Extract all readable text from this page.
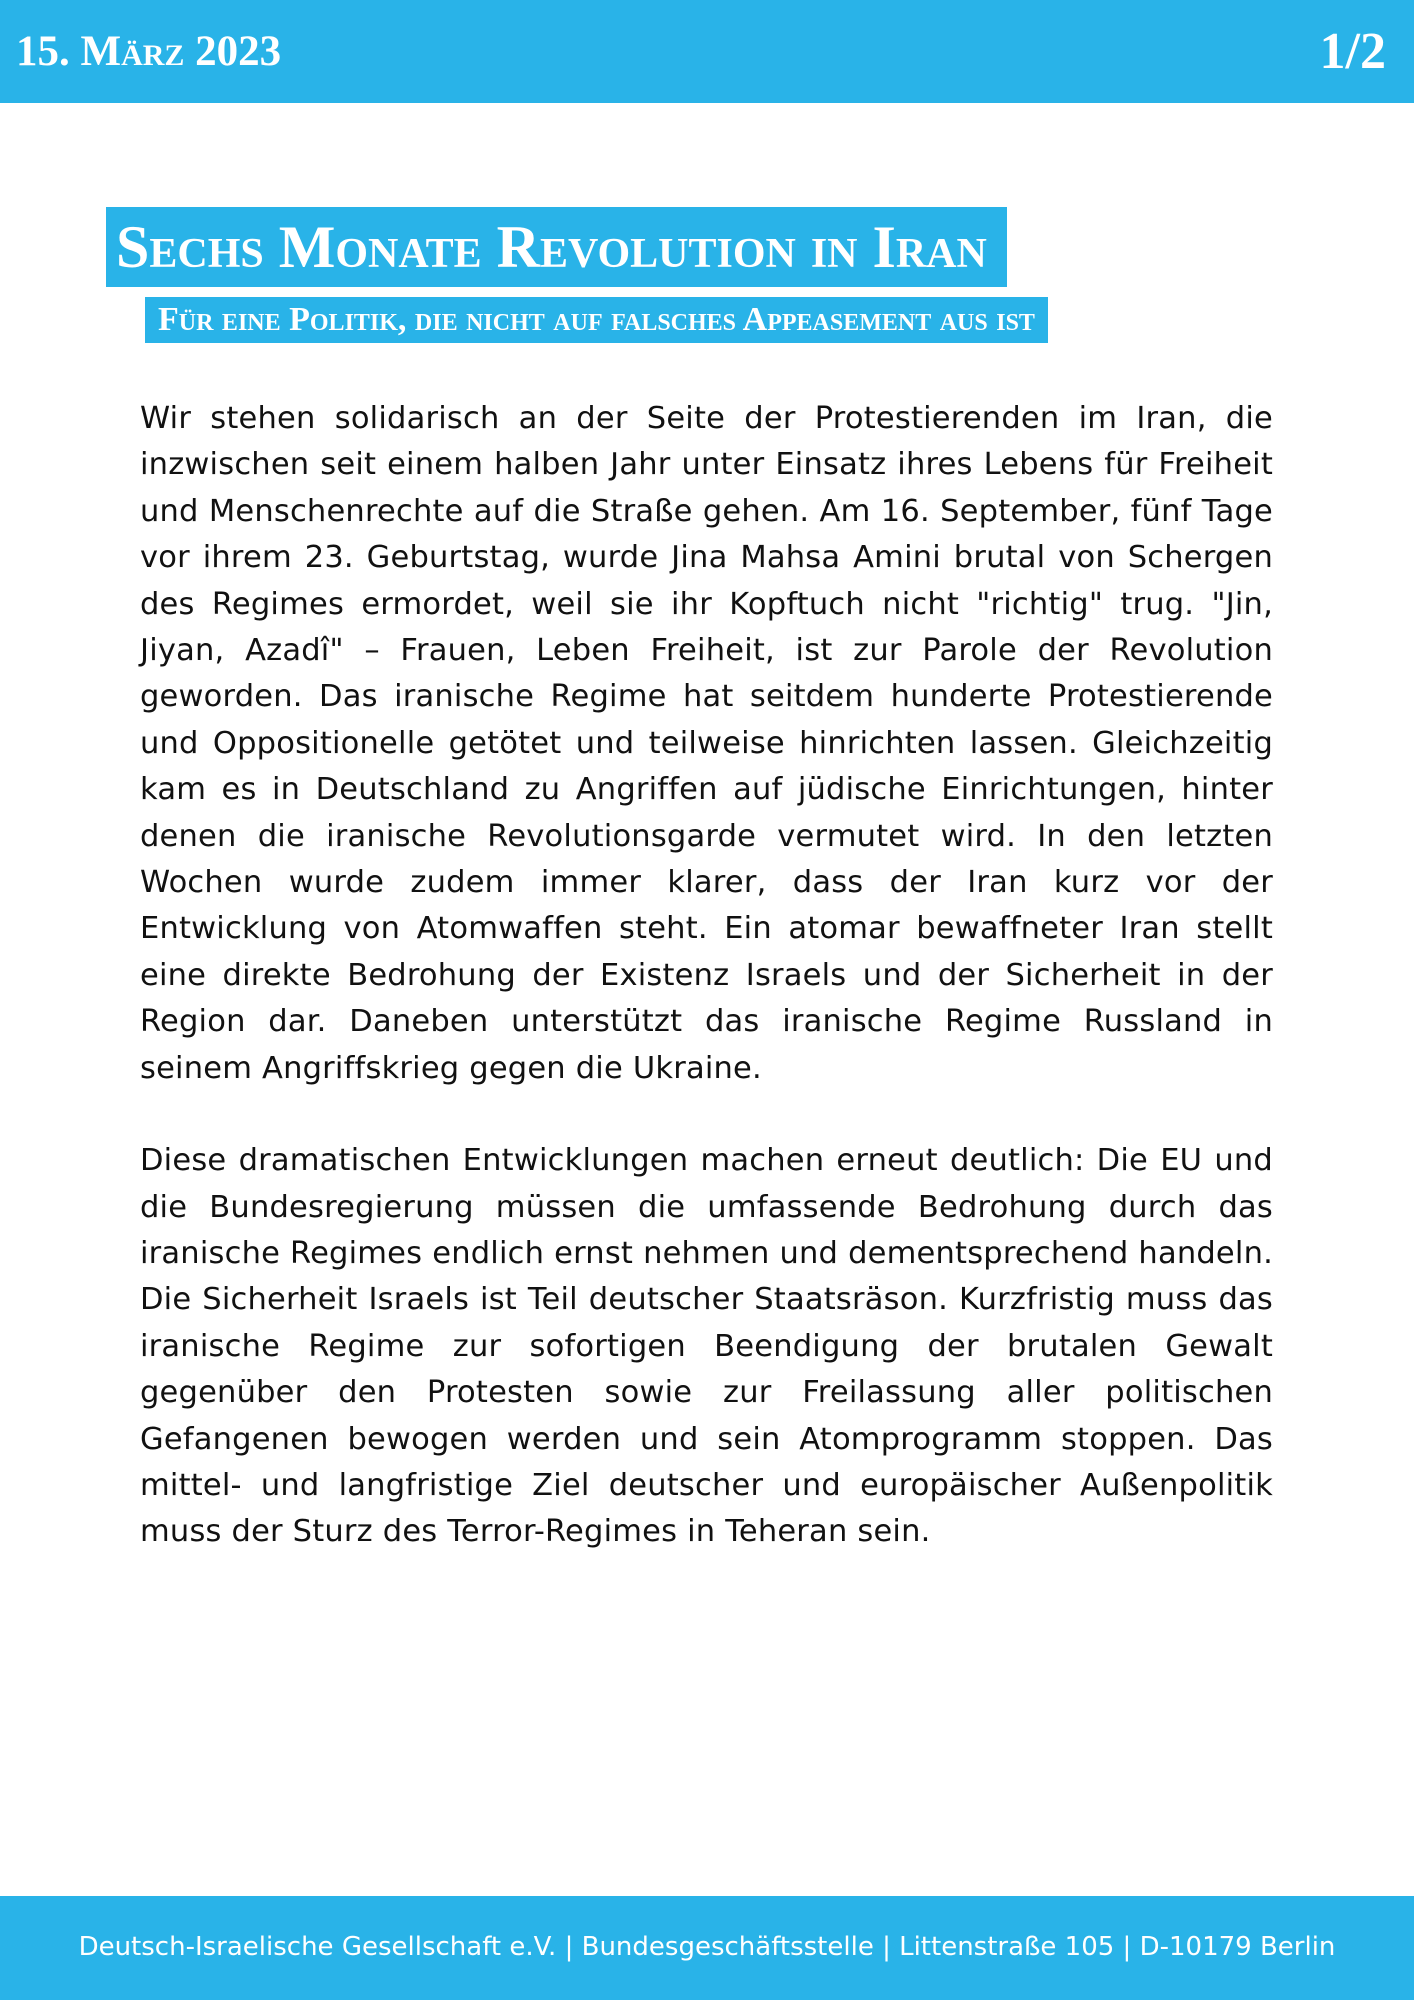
15. März 2023	1/2
Sechs Monate Revolution in Iran
Für eine Politik, die nicht auf falsches Appeasement aus ist

Wir stehen solidarisch an der Seite der Protestierenden im Iran, die inzwischen seit einem halben Jahr unter Einsatz ihres Lebens für Freiheit und Menschenrechte auf die Straße gehen. Am 16. September, fünf Tage vor ihrem 23. Geburtstag, wurde Jina Mahsa Amini brutal von Schergen des Regimes ermordet, weil sie ihr Kopftuch nicht "richtig" trug. "Jin, Jiyan, Azadî" – Frauen, Leben Freiheit, ist zur Parole der Revolution geworden. Das iranische Regime hat seitdem hunderte Protestierende und Oppositionelle getötet und teilweise hinrichten lassen. Gleichzeitig kam es in Deutschland zu Angriffen auf jüdische Einrichtungen, hinter denen die iranische Revolutionsgarde vermutet wird. In den letzten Wochen wurde zudem immer klarer, dass der Iran kurz vor der Entwicklung von Atomwaffen steht. Ein atomar bewaffneter Iran stellt eine direkte Bedrohung der Existenz Israels und der Sicherheit in der Region dar. Daneben unterstützt das iranische Regime Russland in seinem Angriffskrieg gegen die Ukraine.

Diese dramatischen Entwicklungen machen erneut deutlich: Die EU und die Bundesregierung müssen die umfassende Bedrohung durch das iranische Regimes endlich ernst nehmen und dementsprechend handeln. Die Sicherheit Israels ist Teil deutscher Staatsräson. Kurzfristig muss das iranische Regime zur sofortigen Beendigung der brutalen Gewalt gegenüber den Protesten sowie zur Freilassung aller politischen Gefangenen bewogen werden und sein Atomprogramm stoppen. Das mittel- und langfristige Ziel deutscher und europäischer Außenpolitik muss der Sturz des Terror-Regimes in Teheran sein.

Deutsch-Israelische Gesellschaft e.V. | Bundesgeschäftsstelle | Littenstraße 105 | D-10179 Berlin
